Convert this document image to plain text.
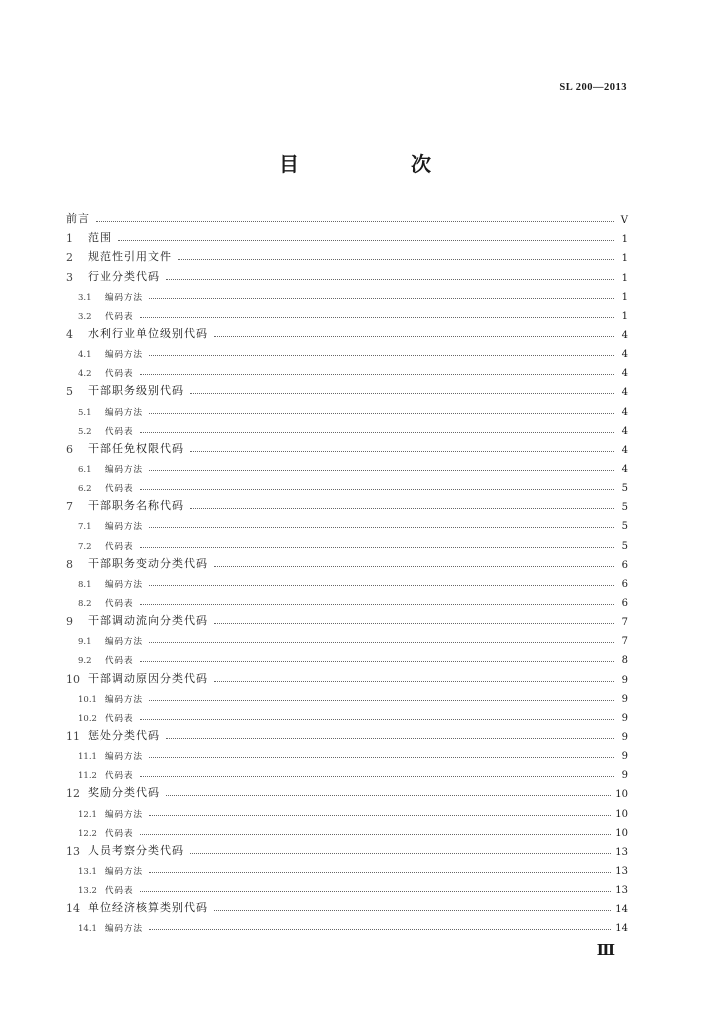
SL 200—2013
目　次
前言	V
1	范围	1
2	规范性引用文件	1
3	行业分类代码	1
3.1	编码方法	1
3.2	代码表	1
4	水利行业单位级别代码	4
4.1	编码方法	4
4.2	代码表	4
5	干部职务级别代码	4
5.1	编码方法	4
5.2	代码表	4
6	干部任免权限代码	4
6.1	编码方法	4
6.2	代码表	5
7	干部职务名称代码	5
7.1	编码方法	5
7.2	代码表	5
8	干部职务变动分类代码	6
8.1	编码方法	6
8.2	代码表	6
9	干部调动流向分类代码	7
9.1	编码方法	7
9.2	代码表	8
10 干部调动原因分类代码	9
10.1 编码方法	9
10.2 代码表	9
11 惩处分类代码	9
11.1 编码方法	9
11.2 代码表	9
12 奖励分类代码	10
12.1 编码方法	10
12.2 代码表	10
13 人员考察分类代码	13
13.1 编码方法	13
13.2 代码表	13
14 单位经济核算类别代码	14
14.1 编码方法	14
Ⅲ
